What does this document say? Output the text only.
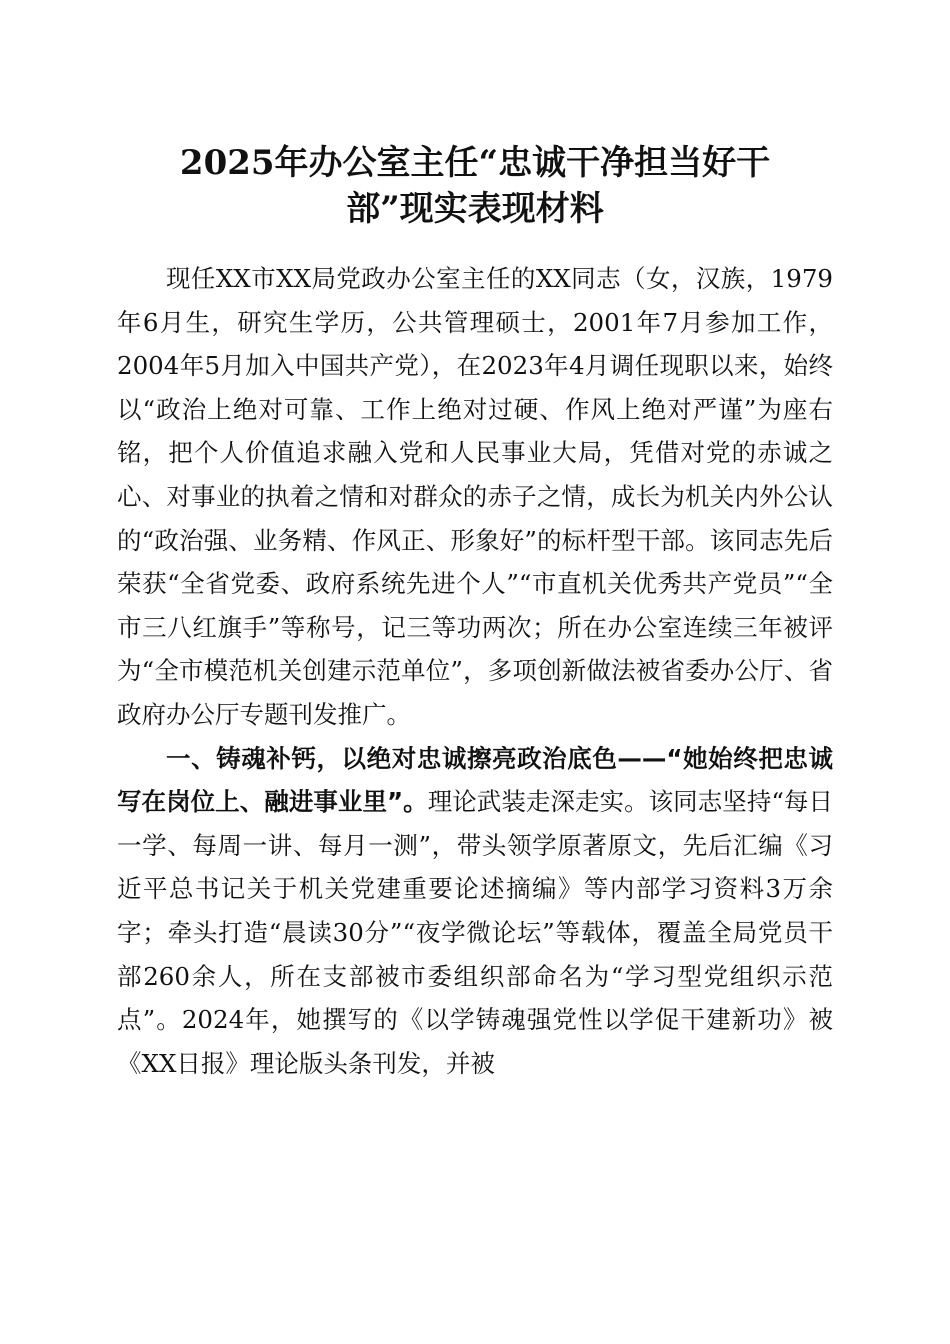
2025年办公室主任“忠诚干净担当好干
部”现实表现材料

现任XX市XX局党政办公室主任的XX同志（女，汉族，1979年6月生，研究生学历，公共管理硕士，2001年7月参加工作，2004年5月加入中国共产党），在2023年4月调任现职以来，始终以“政治上绝对可靠、工作上绝对过硬、作风上绝对严谨”为座右铭，把个人价值追求融入党和人民事业大局，凭借对党的赤诚之心、对事业的执着之情和对群众的赤子之情，成长为机关内外公认的“政治强、业务精、作风正、形象好”的标杆型干部。该同志先后荣获“全省党委、政府系统先进个人”“市直机关优秀共产党员”“全市三八红旗手”等称号，记三等功两次；所在办公室连续三年被评为“全市模范机关创建示范单位”，多项创新做法被省委办公厅、省政府办公厅专题刊发推广。

一、铸魂补钙，以绝对忠诚擦亮政治底色——“她始终把忠诚写在岗位上、融进事业里”。理论武装走深走实。该同志坚持“每日一学、每周一讲、每月一测”，带头领学原著原文，先后汇编《习近平总书记关于机关党建重要论述摘编》等内部学习资料3万余字；牵头打造“晨读30分”“夜学微论坛”等载体，覆盖全局党员干部260余人，所在支部被市委组织部命名为“学习型党组织示范点”。2024年，她撰写的《以学铸魂强党性以学促干建新功》被《XX日报》理论版头条刊发，并被
